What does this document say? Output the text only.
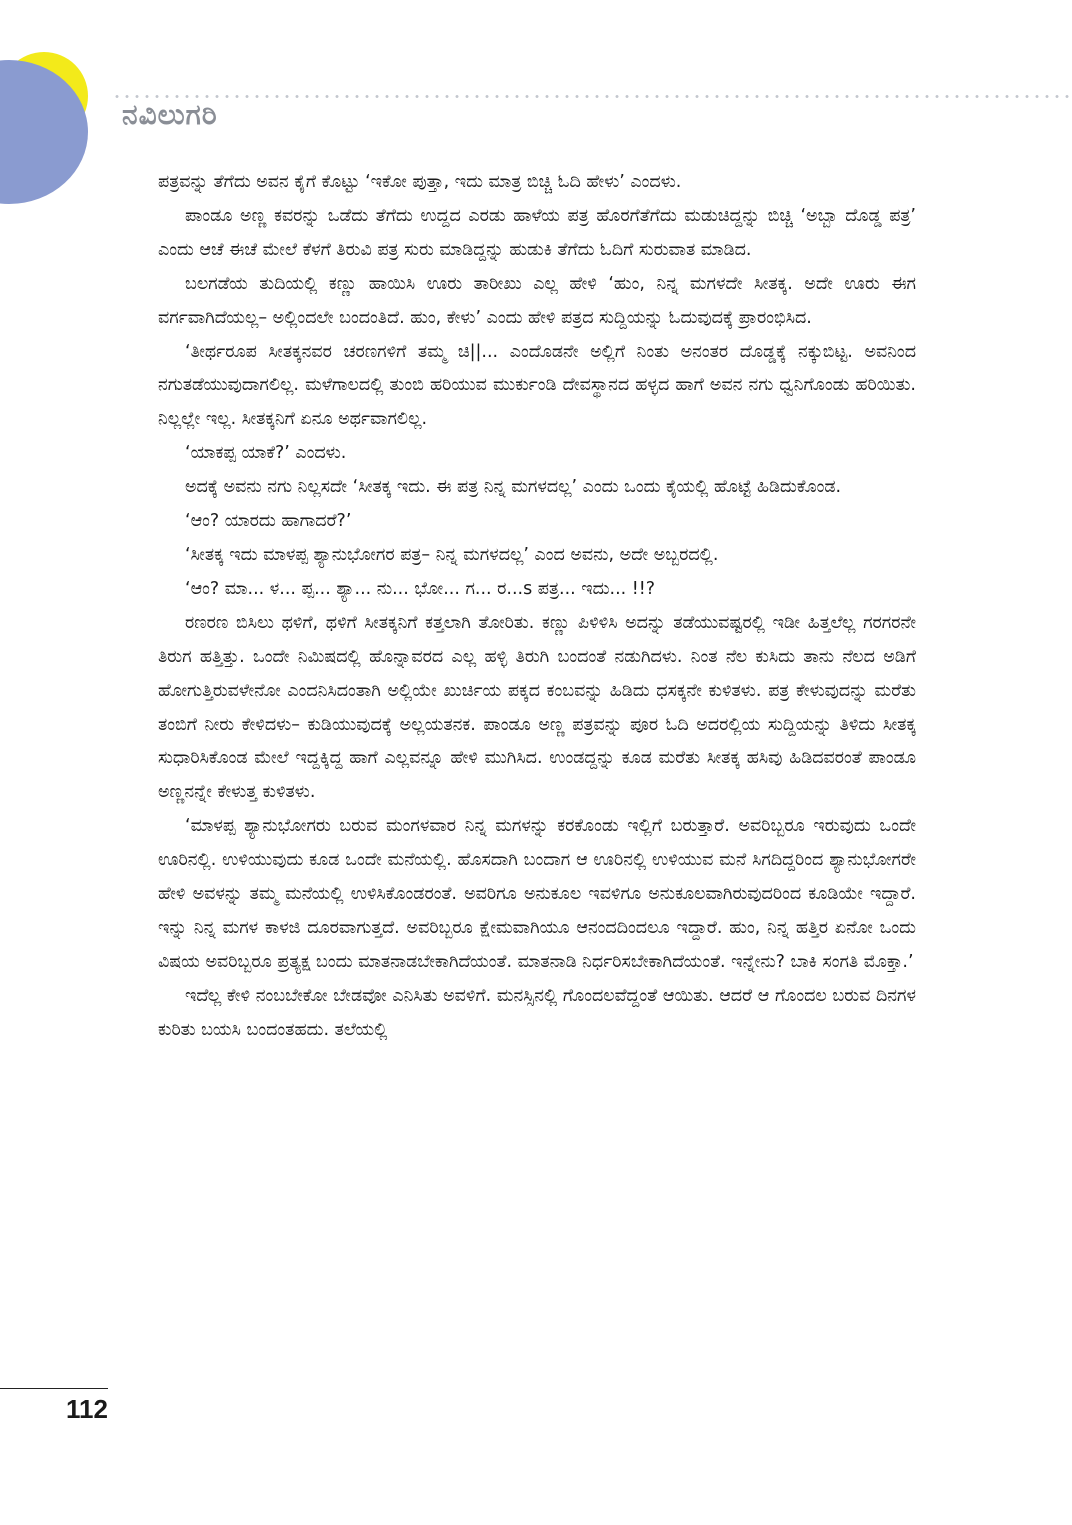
ನವಿಲುಗರಿ

ಪತ್ರವನ್ನು ತೆಗೆದು ಅವನ ಕೈಗೆ ಕೊಟ್ಟು ‘ಇಕೋ ಪುತ್ತಾ, ಇದು ಮಾತ್ರ ಬಿಚ್ಚಿ ಓದಿ ಹೇಳು’ ಎಂದಳು.

ಪಾಂಡೂ ಅಣ್ಣ ಕವರನ್ನು ಒಡೆದು ತೆಗೆದು ಉದ್ದದ ಎರಡು ಹಾಳೆಯ ಪತ್ರ ಹೊರಗೆತೆಗೆದು ಮಡುಚಿದ್ದನ್ನು ಬಿಚ್ಚಿ ‘ಅಬ್ಬಾ ದೊಡ್ಡ ಪತ್ರ’ ಎಂದು ಆಚೆ ಈಚೆ ಮೇಲೆ ಕೆಳಗೆ ತಿರುವಿ ಪತ್ರ ಸುರು ಮಾಡಿದ್ದನ್ನು ಹುಡುಕಿ ತೆಗೆದು ಓದಿಗೆ ಸುರುವಾತ ಮಾಡಿದ.

ಬಲಗಡೆಯ ತುದಿಯಲ್ಲಿ ಕಣ್ಣು ಹಾಯಿಸಿ ಊರು ತಾರೀಖು ಎಲ್ಲ ಹೇಳಿ ‘ಹುಂ, ನಿನ್ನ ಮಗಳದೇ ಸೀತಕ್ಕ. ಅದೇ ಊರು ಈಗ ವರ್ಗವಾಗಿದೆಯಲ್ಲ– ಅಲ್ಲಿಂದಲೇ ಬಂದಂತಿದೆ. ಹುಂ, ಕೇಳು’ ಎಂದು ಹೇಳಿ ಪತ್ರದ ಸುದ್ದಿಯನ್ನು ಓದುವುದಕ್ಕೆ ಪ್ರಾರಂಭಿಸಿದ.

‘ತೀರ್ಥರೂಪ ಸೀತಕ್ಕನವರ ಚರಣಗಳಿಗೆ ತಮ್ಮ ಚಿ||... ಎಂದೊಡನೇ ಅಲ್ಲಿಗೆ ನಿಂತು ಅನಂತರ ದೊಡ್ಡಕ್ಕೆ ನಕ್ಕುಬಿಟ್ಟ. ಅವನಿಂದ ನಗುತಡೆಯುವುದಾಗಲಿಲ್ಲ. ಮಳೆಗಾಲದಲ್ಲಿ ತುಂಬಿ ಹರಿಯುವ ಮುರ್ಕುಂಡಿ ದೇವಸ್ಥಾನದ ಹಳ್ಳದ ಹಾಗೆ ಅವನ ನಗು ಧ್ವನಿಗೊಂಡು ಹರಿಯಿತು. ನಿಲ್ಲಲ್ಲೇ ಇಲ್ಲ. ಸೀತಕ್ಕನಿಗೆ ಏನೂ ಅರ್ಥವಾಗಲಿಲ್ಲ.

‘ಯಾಕಪ್ಪ ಯಾಕೆ?’ ಎಂದಳು.

ಅದಕ್ಕೆ ಅವನು ನಗು ನಿಲ್ಲಸದೇ ‘ಸೀತಕ್ಕ ಇದು. ಈ ಪತ್ರ ನಿನ್ನ ಮಗಳದಲ್ಲ’ ಎಂದು ಒಂದು ಕೈಯಲ್ಲಿ ಹೊಟ್ಟೆ ಹಿಡಿದುಕೊಂಡ.

‘ಆಂ? ಯಾರದು ಹಾಗಾದರೆ?’

‘ಸೀತಕ್ಕ ಇದು ಮಾಳಪ್ಪ ಶ್ಯಾನುಭೋಗರ ಪತ್ರ– ನಿನ್ನ ಮಗಳದಲ್ಲ’ ಎಂದ ಅವನು, ಅದೇ ಅಬ್ಬರದಲ್ಲಿ.

‘ಆಂ? ಮಾ... ಳ... ಪ್ಪ... ಶ್ಯಾ... ನು... ಭೋ... ಗ... ರ...s ಪತ್ರ... ಇದು... !!?

ರಣರಣ ಬಿಸಿಲು ಥಳಿಗೆ, ಥಳಿಗೆ ಸೀತಕ್ಕನಿಗೆ ಕತ್ತಲಾಗಿ ತೋರಿತು. ಕಣ್ಣು ಪಿಳಿಳಿಸಿ ಅದನ್ನು ತಡೆಯುವಷ್ಟರಲ್ಲಿ ಇಡೀ ಹಿತ್ತಲೆಲ್ಲ ಗರಗರನೇ ತಿರುಗ ಹತ್ತಿತ್ತು. ಒಂದೇ ನಿಮಿಷದಲ್ಲಿ ಹೊನ್ನಾವರದ ಎಲ್ಲ ಹಳ್ಳಿ ತಿರುಗಿ ಬಂದಂತೆ ನಡುಗಿದಳು. ನಿಂತ ನೆಲ ಕುಸಿದು ತಾನು ನೆಲದ ಅಡಿಗೆ ಹೋಗುತ್ತಿರುವಳೇನೋ ಎಂದನಿಸಿದಂತಾಗಿ ಅಲ್ಲಿಯೇ ಖುರ್ಚಿಯ ಪಕ್ಕದ ಕಂಬವನ್ನು ಹಿಡಿದು ಧಸಕ್ಕನೇ ಕುಳಿತಳು. ಪತ್ರ ಕೇಳುವುದನ್ನು ಮರೆತು ತಂಬಿಗೆ ನೀರು ಕೇಳಿದಳು– ಕುಡಿಯುವುದಕ್ಕೆ ಅಲ್ಲಯತನಕ. ಪಾಂಡೂ ಅಣ್ಣ ಪತ್ರವನ್ನು ಪೂರ ಓದಿ ಅದರಲ್ಲಿಯ ಸುದ್ದಿಯನ್ನು ತಿಳಿದು ಸೀತಕ್ಕ ಸುಧಾರಿಸಿಕೊಂಡ ಮೇಲೆ ಇದ್ದಕ್ಕಿದ್ದ ಹಾಗೆ ಎಲ್ಲವನ್ನೂ ಹೇಳಿ ಮುಗಿಸಿದ. ಉಂಡದ್ದನ್ನು ಕೂಡ ಮರೆತು ಸೀತಕ್ಕ ಹಸಿವು ಹಿಡಿದವರಂತೆ ಪಾಂಡೂ ಅಣ್ಣನನ್ನೇ ಕೇಳುತ್ತ ಕುಳಿತಳು.

‘ಮಾಳಪ್ಪ ಶ್ಯಾನುಭೋಗರು ಬರುವ ಮಂಗಳವಾರ ನಿನ್ನ ಮಗಳನ್ನು ಕರಕೊಂಡು ಇಲ್ಲಿಗೆ ಬರುತ್ತಾರೆ. ಅವರಿಬ್ಬರೂ ಇರುವುದು ಒಂದೇ ಊರಿನಲ್ಲಿ. ಉಳಿಯುವುದು ಕೂಡ ಒಂದೇ ಮನೆಯಲ್ಲಿ. ಹೊಸದಾಗಿ ಬಂದಾಗ ಆ ಊರಿನಲ್ಲಿ ಉಳಿಯುವ ಮನೆ ಸಿಗದಿದ್ದರಿಂದ ಶ್ಯಾನುಭೋಗರೇ ಹೇಳಿ ಅವಳನ್ನು ತಮ್ಮ ಮನೆಯಲ್ಲಿ ಉಳಿಸಿಕೊಂಡರಂತೆ. ಅವರಿಗೂ ಅನುಕೂಲ ಇವಳಿಗೂ ಅನುಕೂಲವಾಗಿರುವುದರಿಂದ ಕೂಡಿಯೇ ಇದ್ದಾರೆ. ಇನ್ನು ನಿನ್ನ ಮಗಳ ಕಾಳಜಿ ದೂರವಾಗುತ್ತದೆ. ಅವರಿಬ್ಬರೂ ಕ್ಷೇಮವಾಗಿಯೂ ಆನಂದದಿಂದಲೂ ಇದ್ದಾರೆ. ಹುಂ, ನಿನ್ನ ಹತ್ತಿರ ಏನೋ ಒಂದು ವಿಷಯ ಅವರಿಬ್ಬರೂ ಪ್ರತ್ಯಕ್ಷ ಬಂದು ಮಾತನಾಡಬೇಕಾಗಿದೆಯಂತೆ. ಮಾತನಾಡಿ ನಿರ್ಧರಿಸಬೇಕಾಗಿದೆಯಂತೆ. ಇನ್ನೇನು? ಬಾಕಿ ಸಂಗತಿ ಮೊಕ್ತಾ.’

ಇದೆಲ್ಲ ಕೇಳಿ ನಂಬಬೇಕೋ ಬೇಡವೋ ಎನಿಸಿತು ಅವಳಿಗೆ. ಮನಸ್ಸಿನಲ್ಲಿ ಗೊಂದಲವೆದ್ದಂತೆ ಆಯಿತು. ಆದರೆ ಆ ಗೊಂದಲ ಬರುವ ದಿನಗಳ ಕುರಿತು ಬಯಸಿ ಬಂದಂತಹದು. ತಲೆಯಲ್ಲಿ

112
